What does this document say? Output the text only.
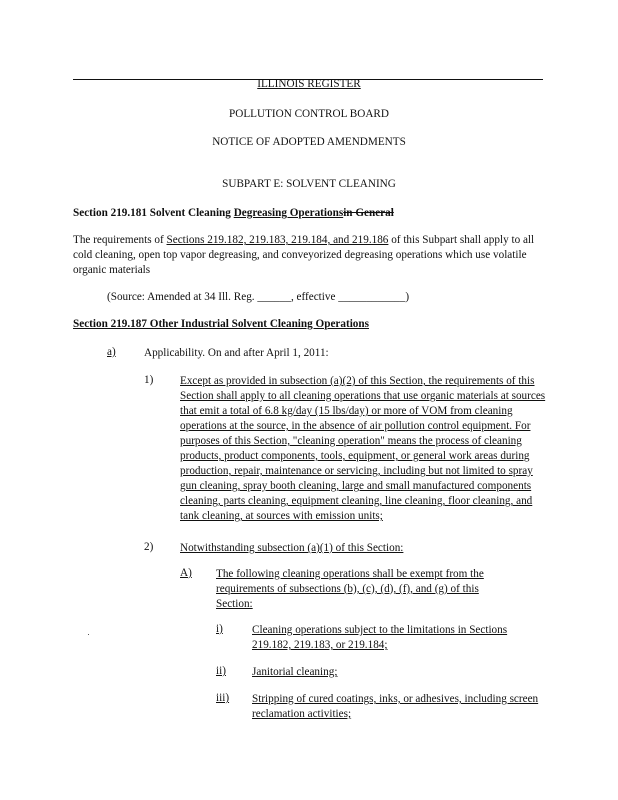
ILLINOIS REGISTER
POLLUTION CONTROL BOARD
NOTICE OF ADOPTED AMENDMENTS
SUBPART E: SOLVENT CLEANING

Section 219.181 Solvent Cleaning Degreasing Operationsin General

The requirements of Sections 219.182, 219.183, 219.184, and 219.186 of this Subpart shall apply to all cold cleaning, open top vapor degreasing, and conveyorized degreasing operations which use volatile organic materials

(Source: Amended at 34 Ill. Reg. ______, effective ____________)

Section 219.187 Other Industrial Solvent Cleaning Operations

a)	Applicability. On and after April 1, 2011:
1) Except as provided in subsection (a)(2) of this Section, the requirements of this Section shall apply to all cleaning operations that use organic materials at sources that emit a total of 6.8 kg/day (15 lbs/day) or more of VOM from cleaning operations at the source, in the absence of air pollution control equipment. For purposes of this Section, "cleaning operation" means the process of cleaning products, product components, tools, equipment, or general work areas during production, repair, maintenance or servicing, including but not limited to spray gun cleaning, spray booth cleaning, large and small manufactured components cleaning, parts cleaning, equipment cleaning, line cleaning, floor cleaning, and tank cleaning, at sources with emission units;
2) Notwithstanding subsection (a)(1) of this Section:
A) The following cleaning operations shall be exempt from the requirements of subsections (b), (c), (d), (f), and (g) of this Section:
i)	Cleaning operations subject to the limitations in Sections 219.182, 219.183, or 219.184;
ii) Janitorial cleaning;
iii) Stripping of cured coatings, inks, or adhesives, including screen reclamation activities;
